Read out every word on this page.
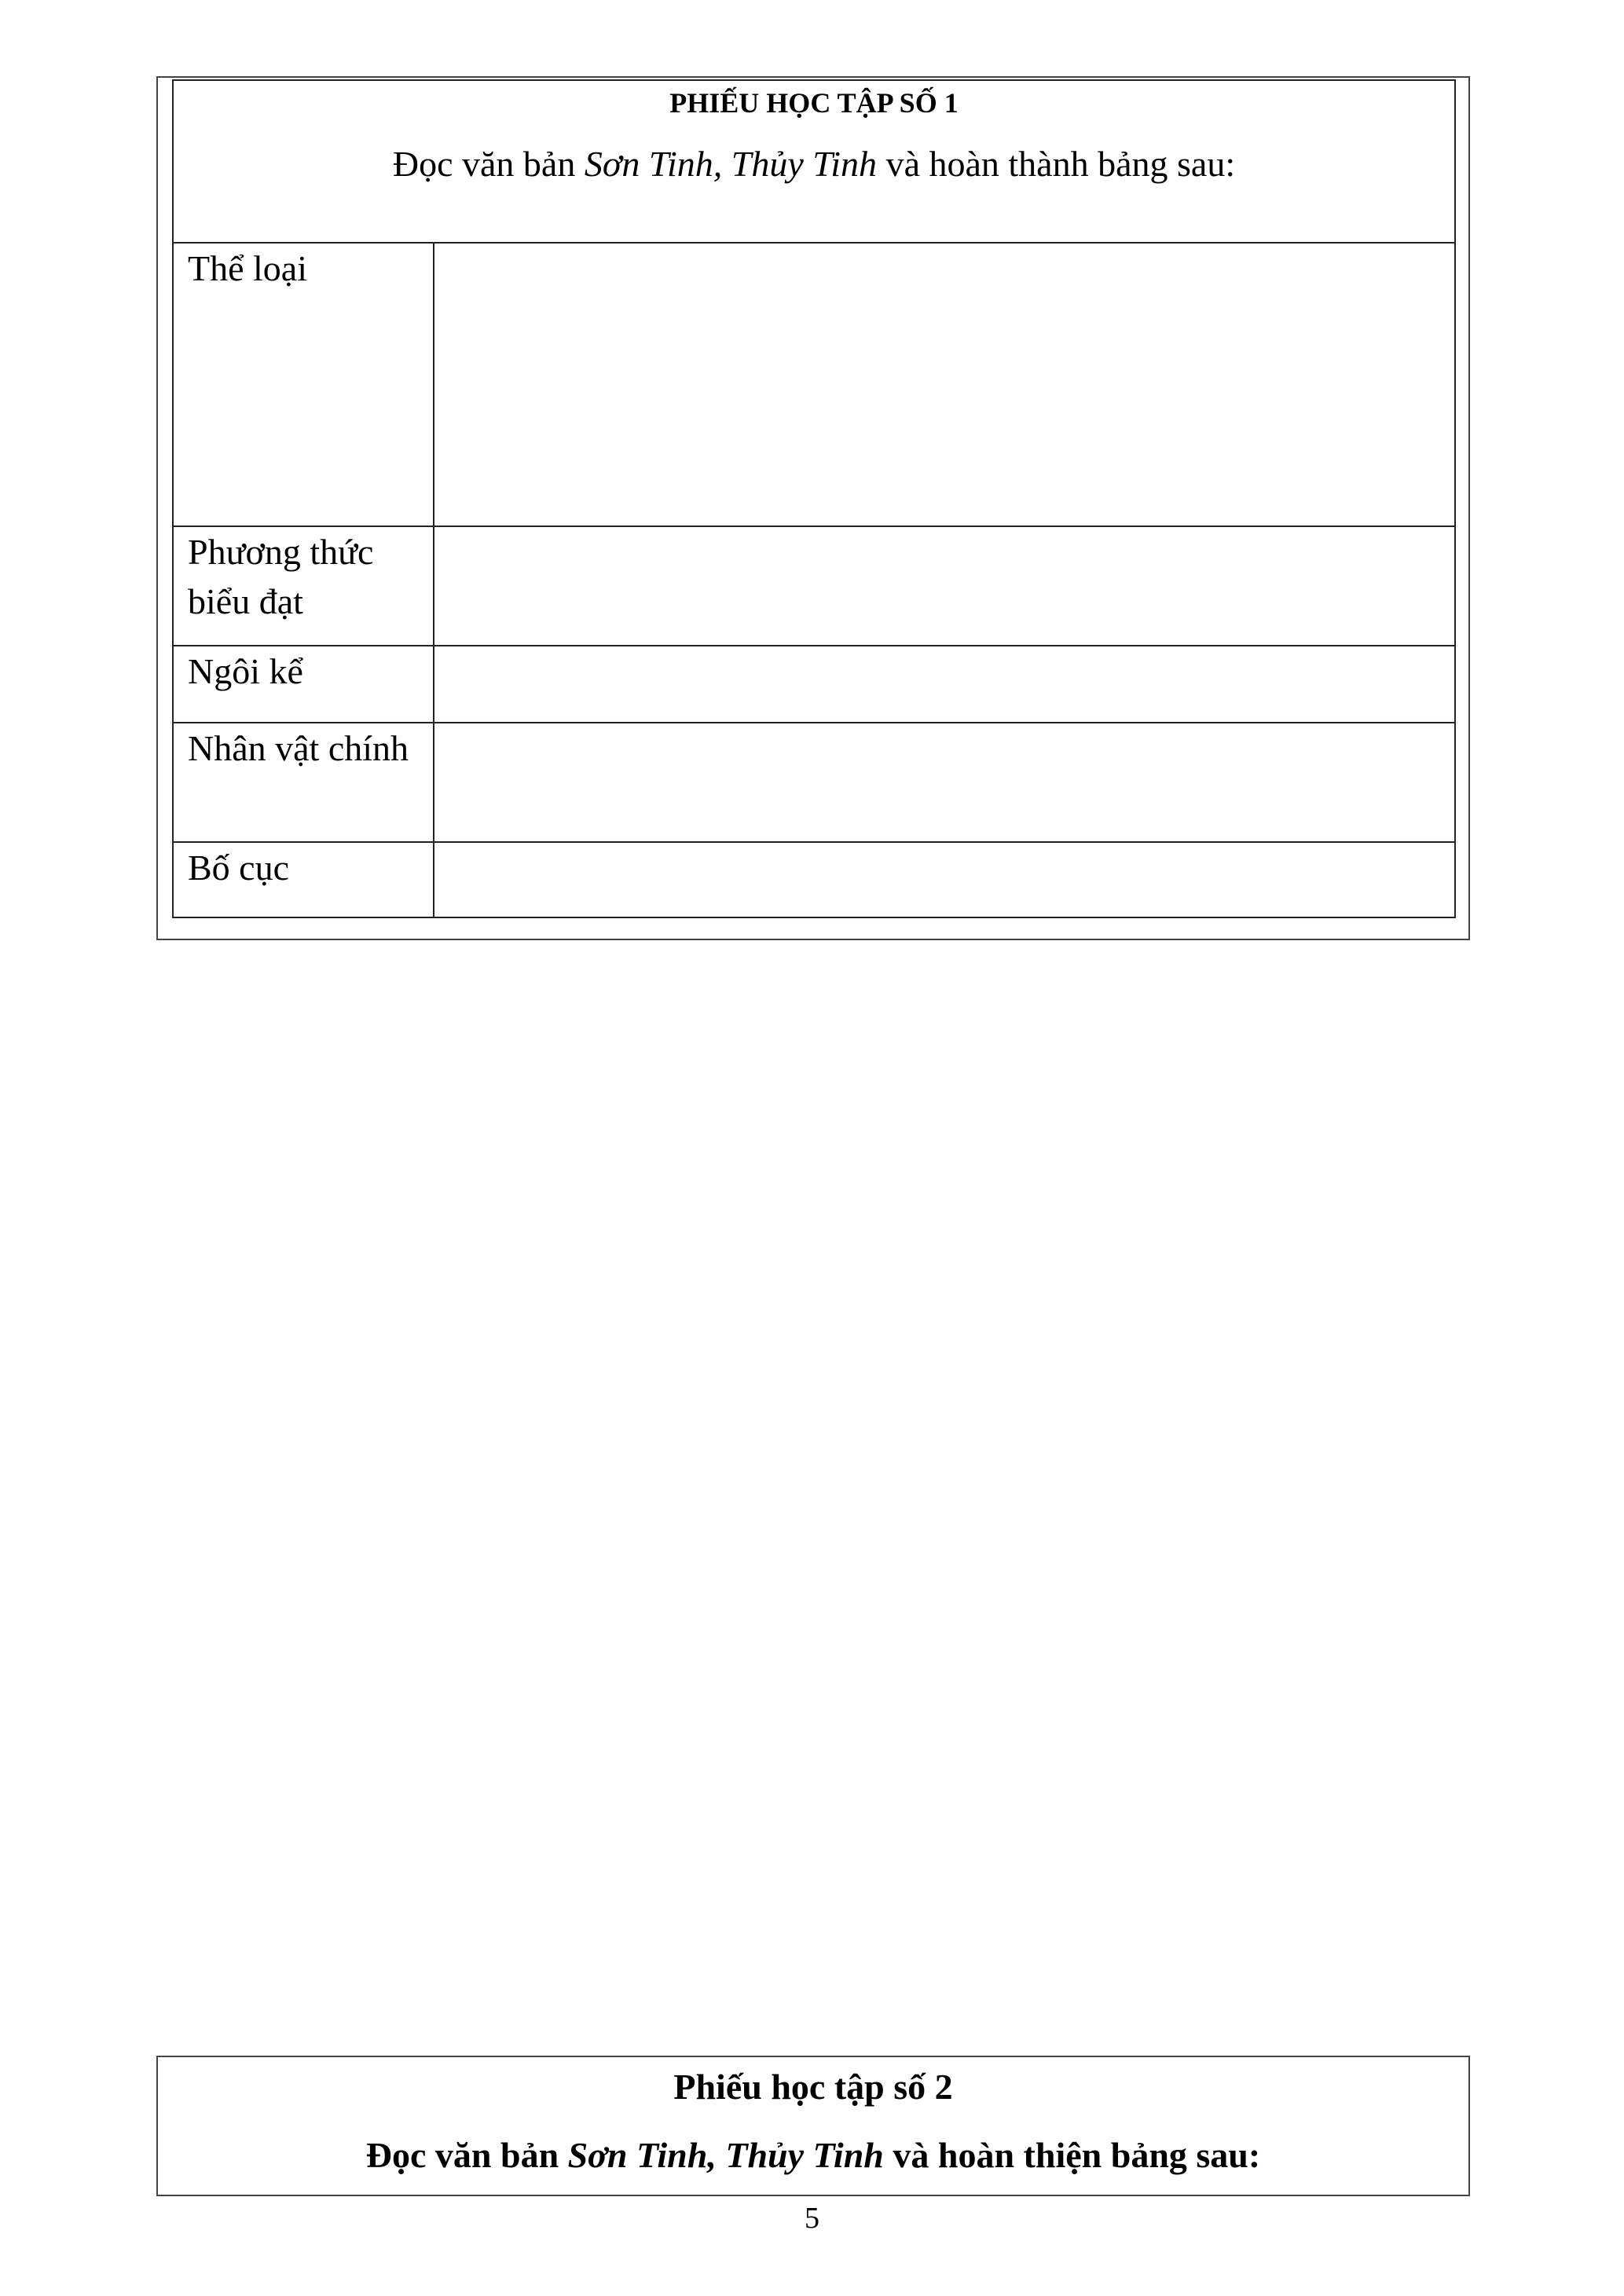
PHIẾU HỌC TẬP SỐ 1
Đọc văn bản Sơn Tinh, Thủy Tinh và hoàn thành bảng sau:
Thể loại
Phương thức biểu đạt
Ngôi kể
Nhân vật chính
Bố cục
Phiếu học tập số 2
Đọc văn bản Sơn Tinh, Thủy Tinh và hoàn thiện bảng sau:
5
